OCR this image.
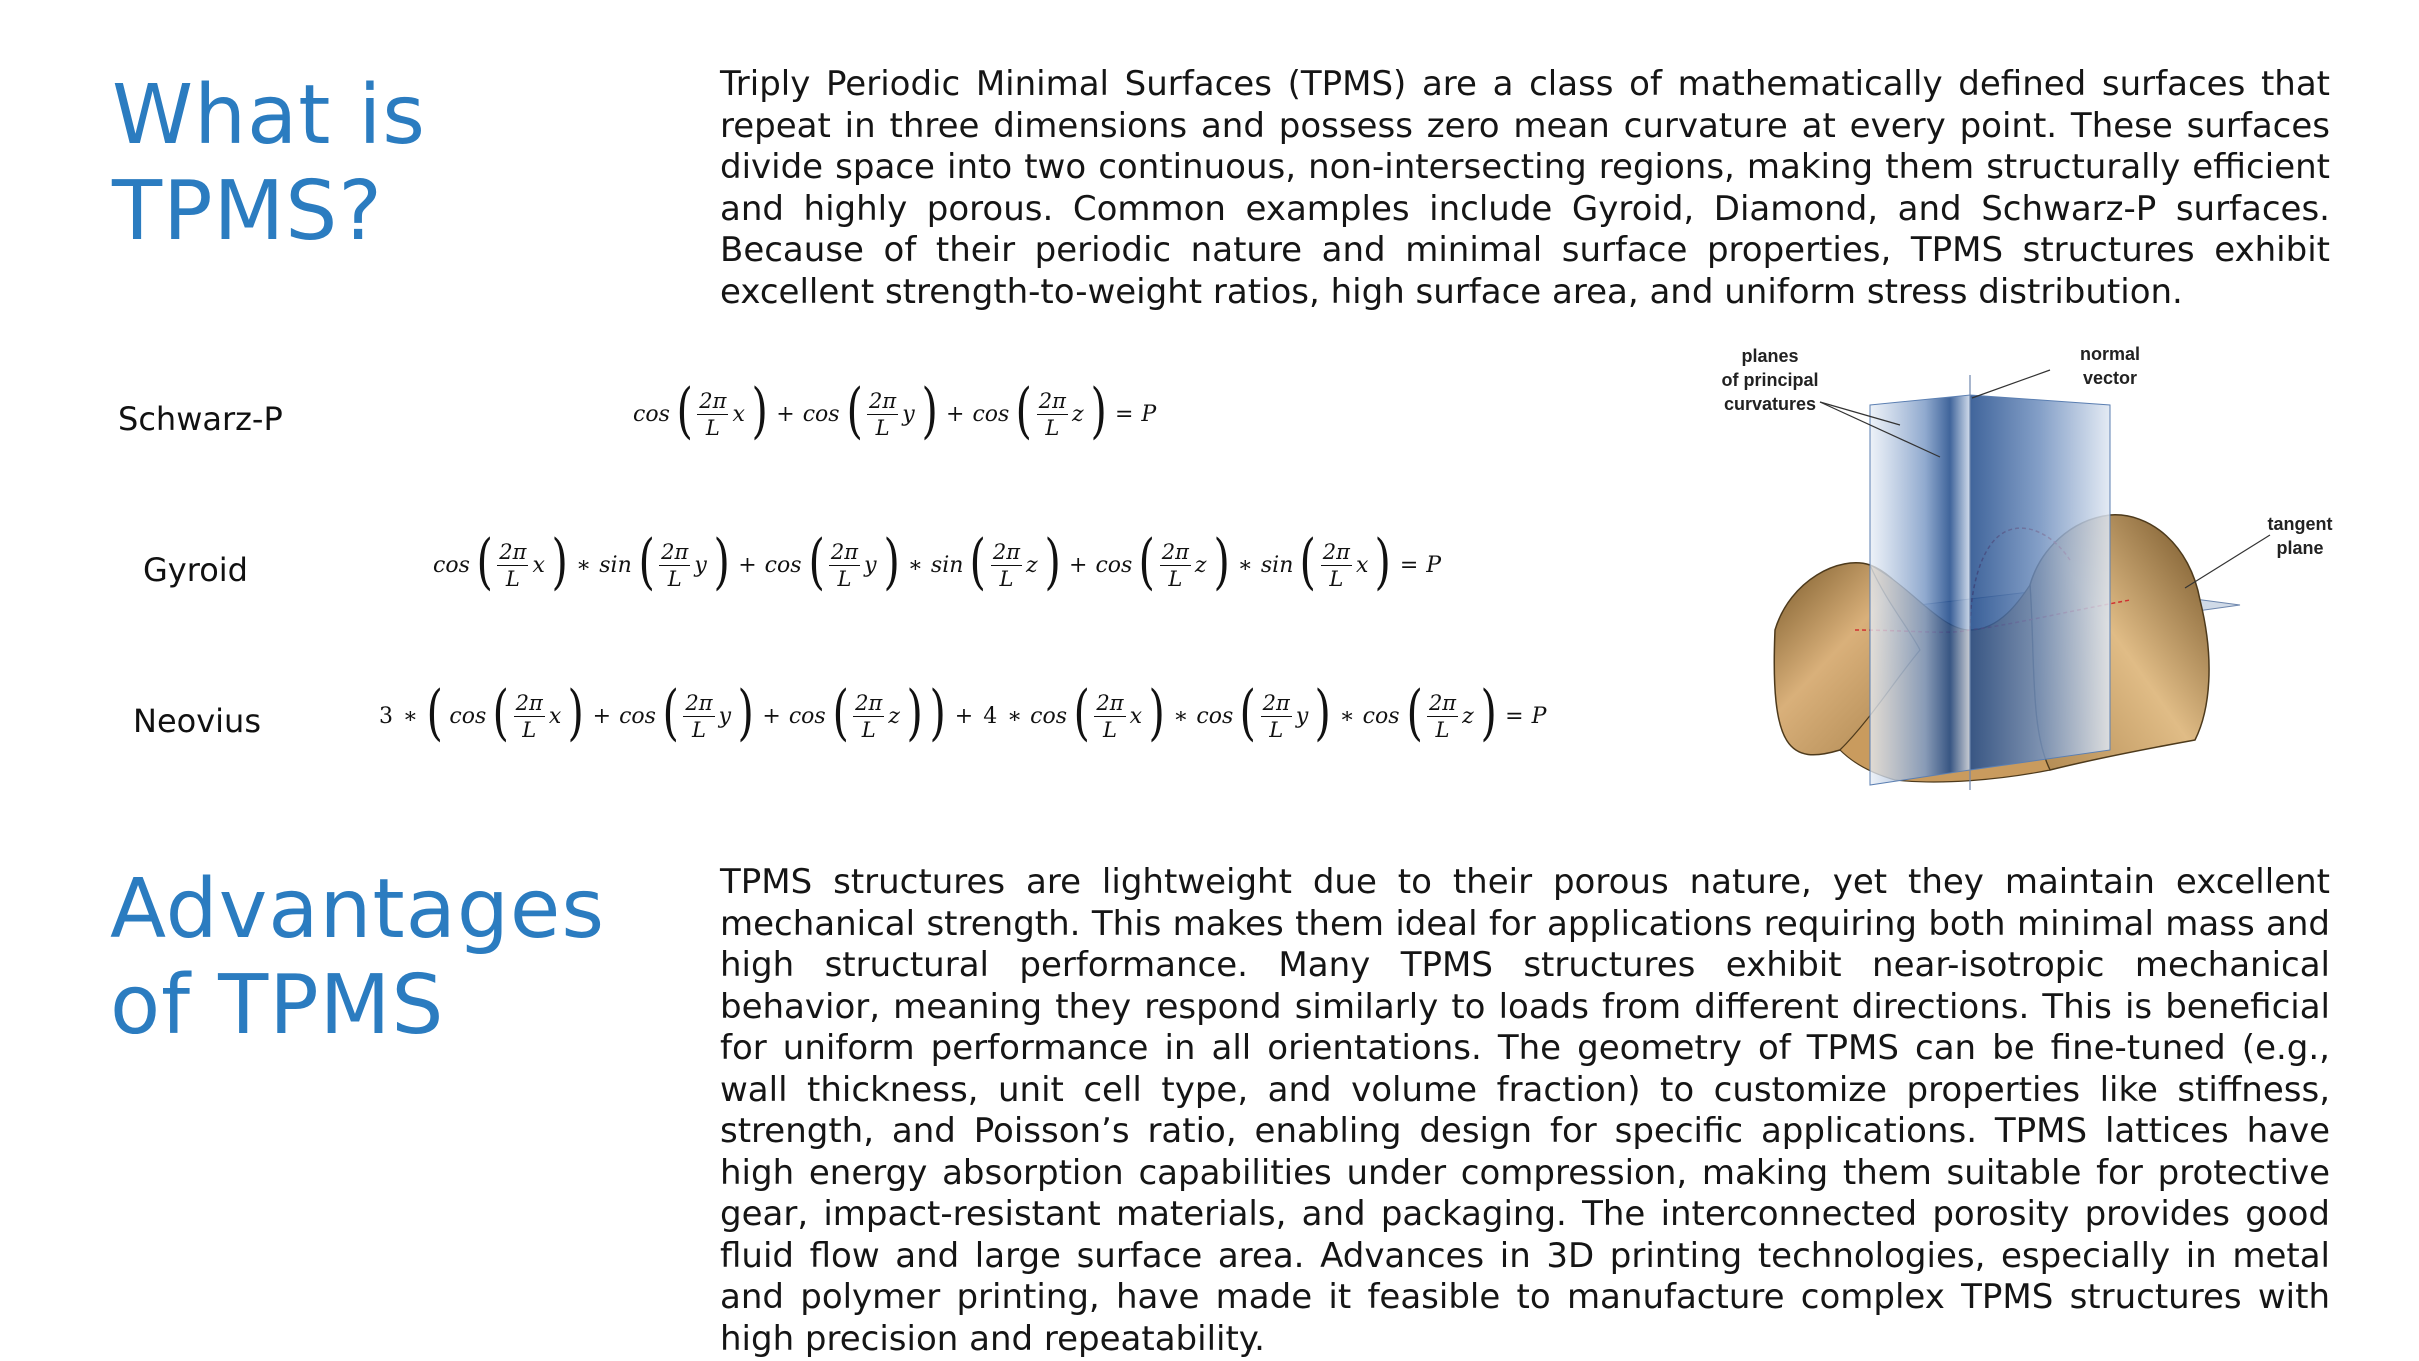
What is
TPMS?

Triply Periodic Minimal Surfaces (TPMS) are a class of mathematically defined surfaces that repeat in three dimensions and possess zero mean curvature at every point. These surfaces divide space into two continuous, non-intersecting regions, making them structurally efficient and highly porous. Common examples include Gyroid, Diamond, and Schwarz-P surfaces. Because of their periodic nature and minimal surface properties, TPMS structures exhibit excellent strength-to-weight ratios, high surface area, and uniform stress distribution.

Schwarz-P
Gyroid
Neovius
cos ( $\frac{2\pi}{L}$ x ) + cos ( $\frac{2\pi}{L}$ y ) + cos ( $\frac{2\pi}{L}$ z ) = P
cos ( $\frac{2\pi}{L}$ x ) ∗ sin ( $\frac{2\pi}{L}$ y ) + cos ( $\frac{2\pi}{L}$ y ) ∗ sin ( $\frac{2\pi}{L}$ z ) + cos ( $\frac{2\pi}{L}$ z ) ∗ sin ( $\frac{2\pi}{L}$ x ) = P
3 ∗ ( cos ( $\frac{2\pi}{L}$ x ) + cos ( $\frac{2\pi}{L}$ y ) + cos ( $\frac{2\pi}{L}$ z ) ) + 4 ∗ cos ( $\frac{2\pi}{L}$ x ) ∗ cos ( $\frac{2\pi}{L}$ y ) ∗ cos ( $\frac{2\pi}{L}$ z ) = P
planes
of principal
curvatures
normal
vector
tangent
plane
Advantages
of TPMS

TPMS structures are lightweight due to their porous nature, yet they maintain excellent mechanical strength. This makes them ideal for applications requiring both minimal mass and high structural performance. Many TPMS structures exhibit near-isotropic mechanical behavior, meaning they respond similarly to loads from different directions. This is beneficial for uniform performance in all orientations. The geometry of TPMS can be fine-tuned (e.g., wall thickness, unit cell type, and volume fraction) to customize properties like stiffness, strength, and Poisson’s ratio, enabling design for specific applications. TPMS lattices have high energy absorption capabilities under compression, making them suitable for protective gear, impact-resistant materials, and packaging. The interconnected porosity provides good fluid flow and large surface area. Advances in 3D printing technologies, especially in metal and polymer printing, have made it feasible to manufacture complex TPMS structures with high precision and repeatability.
